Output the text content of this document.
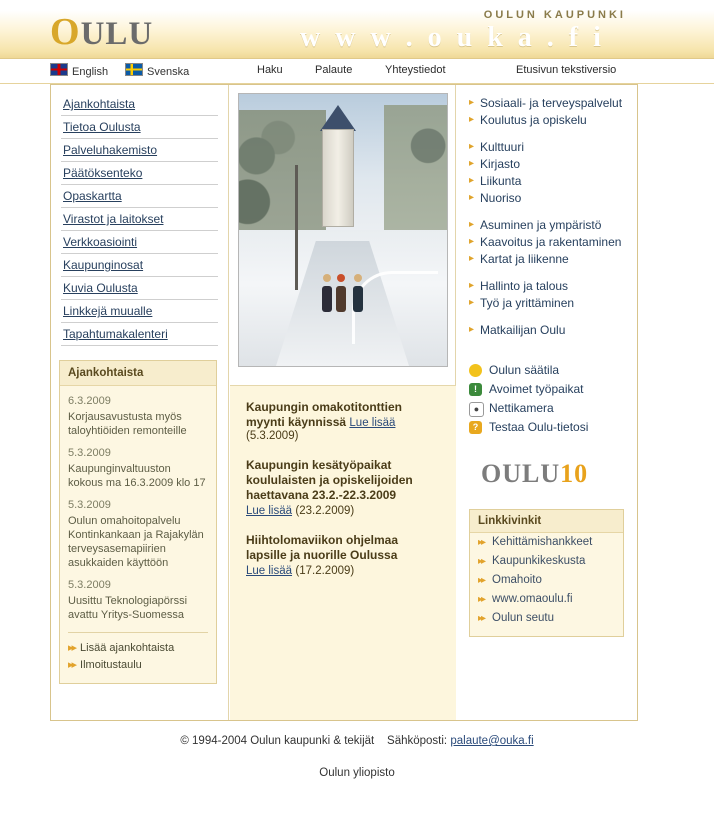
OULU
OULUN KAUPUNKI
w w w . o u k a . f i
English	Svenska	Haku	Palaute	Yhteystiedot	Etusivun tekstiversio
Ajankohtaista
Tietoa Oulusta
Palveluhakemisto
Päätöksenteko
Opaskartta
Virastot ja laitokset
Verkkoasiointi
Kaupunginosat
Kuvia Oulusta
Linkkejä muualle
Tapahtumakalenteri
Ajankohtaista
6.3.2009
Korjausavustusta myös taloyhtiöiden remonteille
5.3.2009
Kaupunginvaltuuston kokous ma 16.3.2009 klo 17
5.3.2009
Oulun omahoitopalvelu Kontinkankaan ja Rajakylän terveysasemapiirien asukkaiden käyttöön
5.3.2009
Uusittu Teknologiapörssi avattu Yritys-Suomessa
▸▸ Lisää ajankohtaista
▸▸ Ilmoitustaulu
Kaupungin omakotitonttien myynti käynnissä Lue lisää
(5.3.2009)
Kaupungin kesätyöpaikat koululaisten ja opiskelijoiden haettavana 23.2.-22.3.2009
Lue lisää (23.2.2009)
Hiihtolomaviikon ohjelmaa lapsille ja nuorille Oulussa
Lue lisää (17.2.2009)
▸ Sosiaali- ja terveyspalvelut
▸ Koulutus ja opiskelu
▸ Kulttuuri
▸ Kirjasto
▸ Liikunta
▸ Nuoriso
▸ Asuminen ja ympäristö
▸ Kaavoitus ja rakentaminen
▸ Kartat ja liikenne
▸ Hallinto ja talous
▸ Työ ja yrittäminen
▸ Matkailijan Oulu
Oulun säätila
!	Avoimet työpaikat
● Nettikamera
? Testaa Oulu-tietosi
OULU10
Linkkivinkit
▸▸ Kehittämishankkeet
▸▸ Kaupunkikeskusta
▸▸ Omahoito
▸▸ www.omaoulu.fi
▸▸ Oulun seutu
© 1994-2004 Oulun kaupunki & tekijät Sähköposti: palaute@ouka.fi
Oulun yliopisto
